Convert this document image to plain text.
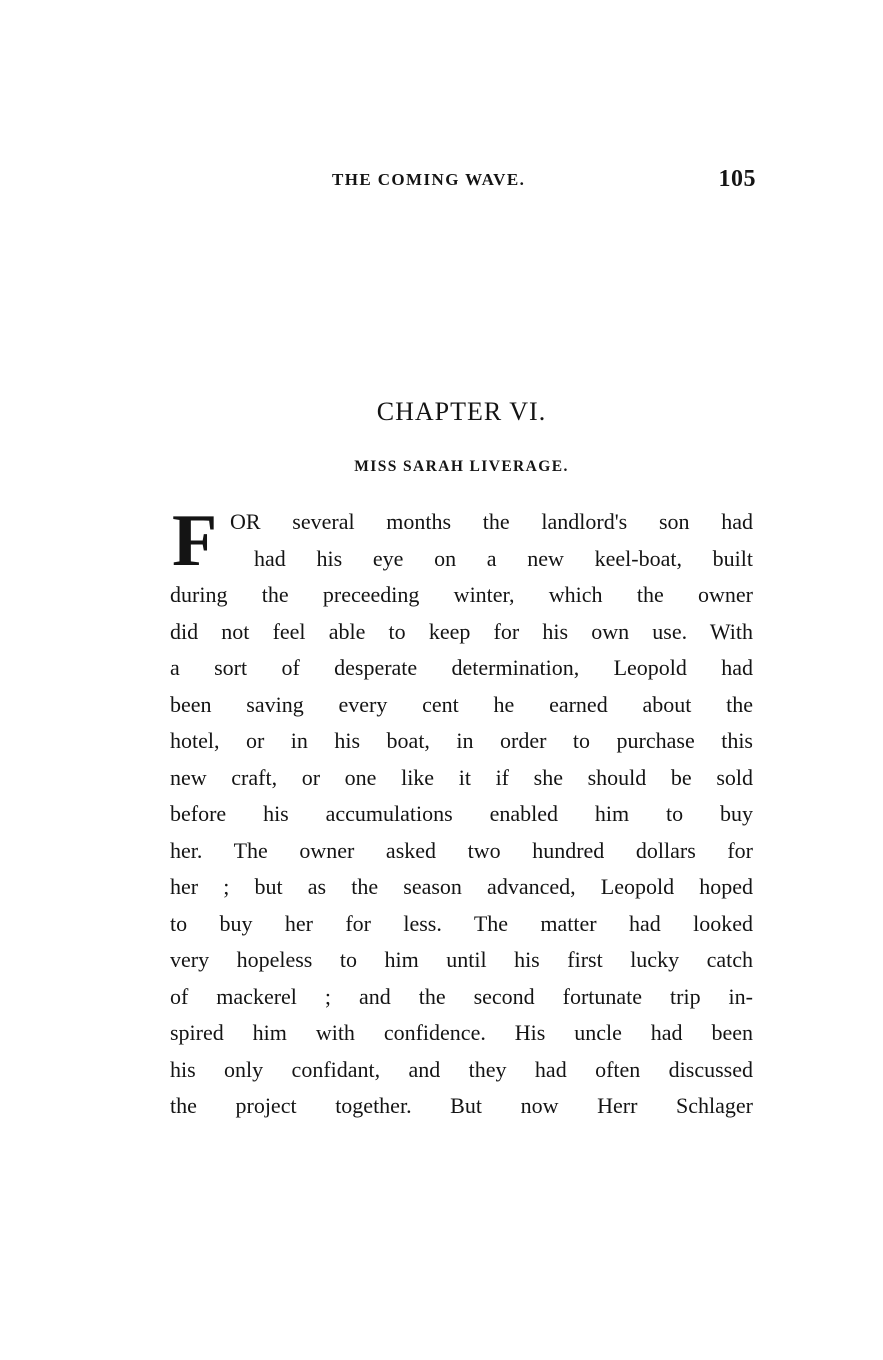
THE COMING WAVE.	105
CHAPTER VI.
MISS SARAH LIVERAGE.
F OR several months the landlord's son had
had his eye on a new keel-boat, built
during the preceeding winter, which the owner
did not feel able to keep for his own use. With
a sort of desperate determination, Leopold had
been saving every cent he earned about the
hotel, or in his boat, in order to purchase this
new craft, or one like it if she should be sold
before his accumulations enabled him to buy
her. The owner asked two hundred dollars for
her ; but as the season advanced, Leopold hoped
to buy her for less. The matter had looked
very hopeless to him until his first lucky catch
of mackerel ; and the second fortunate trip in-
spired him with confidence. His uncle had been
his only confidant, and they had often discussed
the project together. But now Herr Schlager
